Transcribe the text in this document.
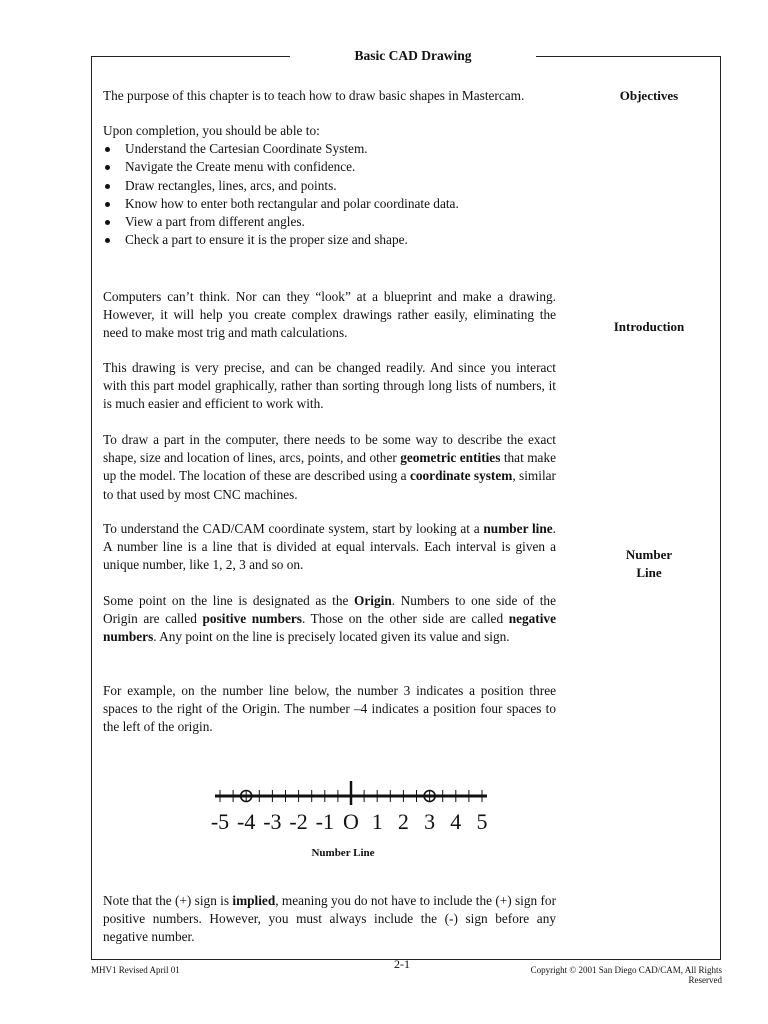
Basic CAD Drawing
Objectives
Introduction
Number
Line

The purpose of this chapter is to teach how to draw basic shapes in Mastercam.

Upon completion, you should be able to:

Understand the Cartesian Coordinate System.
Navigate the Create menu with confidence.
Draw rectangles, lines, arcs, and points.
Know how to enter both rectangular and polar coordinate data.
View a part from different angles.
Check a part to ensure it is the proper size and shape.

Computers can’t think. Nor can they “look” at a blueprint and make a drawing. However, it will help you create complex drawings rather easily, eliminating the need to make most trig and math calculations.

This drawing is very precise, and can be changed readily. And since you interact with this part model graphically, rather than sorting through long lists of numbers, it is much easier and efficient to work with.

To draw a part in the computer, there needs to be some way to describe the exact shape, size and location of lines, arcs, points, and other geometric entities that make up the model. The location of these are described using a coordinate system, similar to that used by most CNC machines.

To understand the CAD/CAM coordinate system, start by looking at a number line. A number line is a line that is divided at equal intervals. Each interval is given a unique number, like 1, 2, 3 and so on.

Some point on the line is designated as the Origin. Numbers to one side of the Origin are called positive numbers. Those on the other side are called negative numbers. Any point on the line is precisely located given its value and sign.

For example, on the number line below, the number 3 indicates a position three spaces to the right of the Origin. The number –4 indicates a position four spaces to the left of the origin.

-5 -4 -3 -2 -1 O 1 2 3 4 5
Number Line

Note that the (+) sign is implied, meaning you do not have to include the (+) sign for positive numbers. However, you must always include the (-) sign before any negative number.

MHV1 Revised April 01	2-1	Copyright © 2001 San Diego CAD/CAM, All Rights Reserved
